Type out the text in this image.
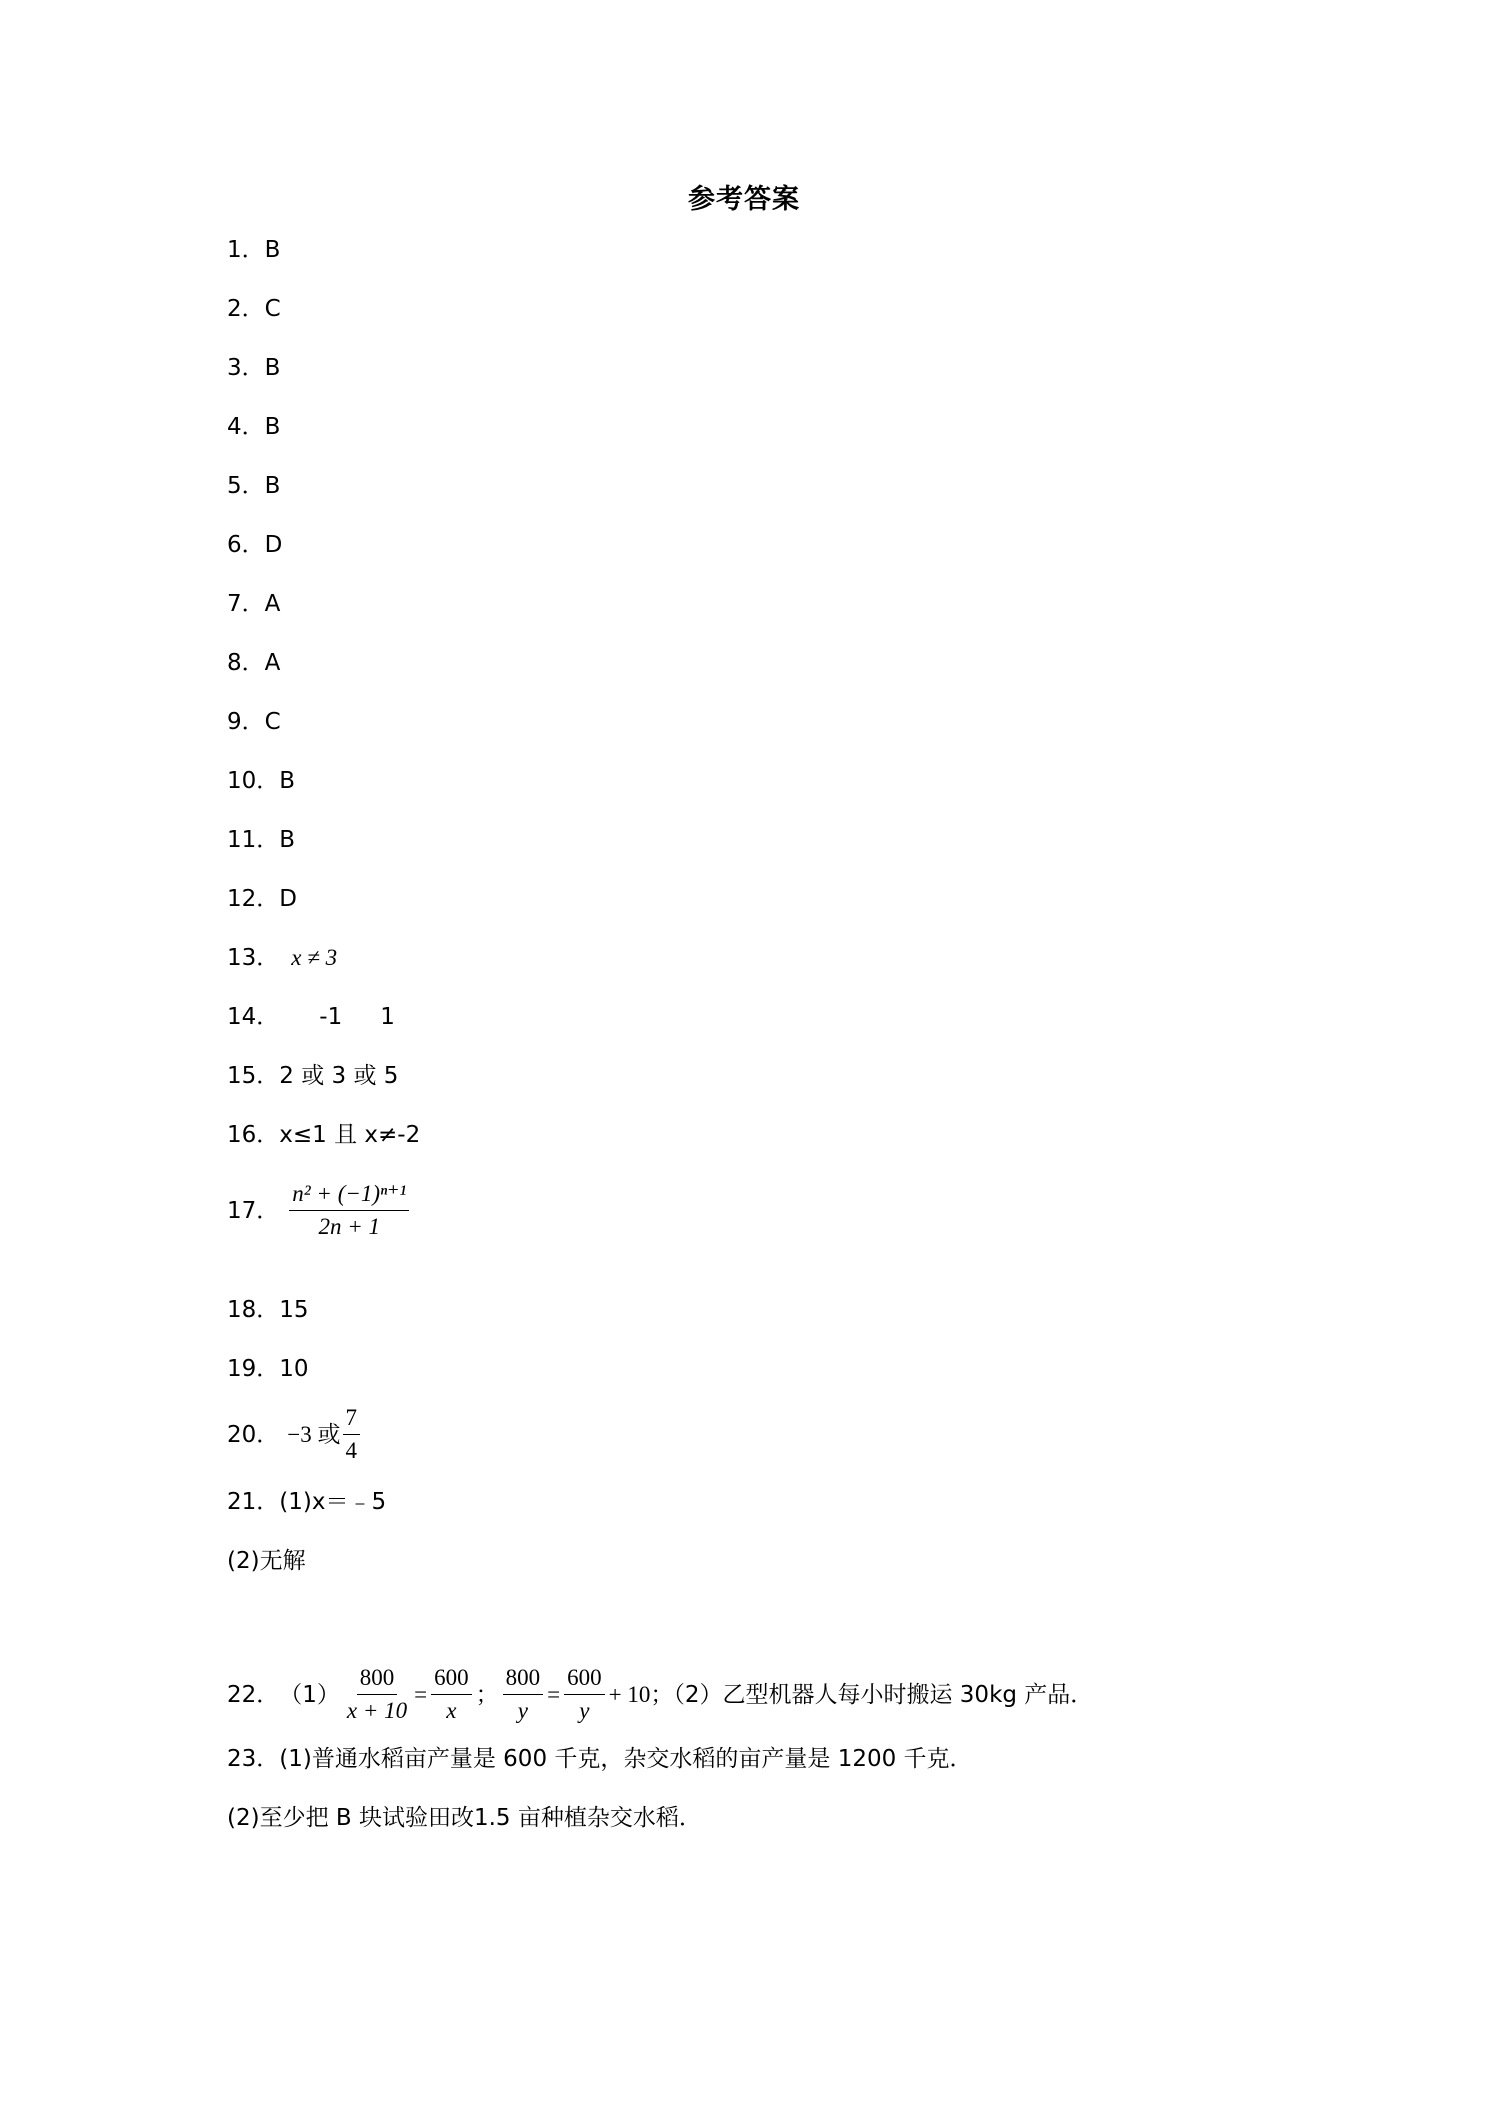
参考答案
1． B
2． C
3． B
4． B
5． B
6． D
7． A
8． A
9． C
10． B
11． B
12． D
13． x ≠ 3
14． -1 1
15． 2 或 3 或 5
16． x≤1 且 x≠-2
17． $\frac{\text{n² + (−1)ⁿ⁺¹}}{2n + 1}$
18． 15
19． 10
20． −3 或 $\frac{7}{4}$
21． (1)x＝﹣5
(2)无解
22． $(1) \frac{800}{x + 10} = \frac{600}{x}$ ； $\frac{800}{y} = \frac{600}{y} + 10$ ；（2）乙型机器人每小时搬运 30kg 产品．
23． (1)普通水稻亩产量是 600 千克，杂交水稻的亩产量是 1200 千克．
(2)至少把 B 块试验田改1.5 亩种植杂交水稻．
